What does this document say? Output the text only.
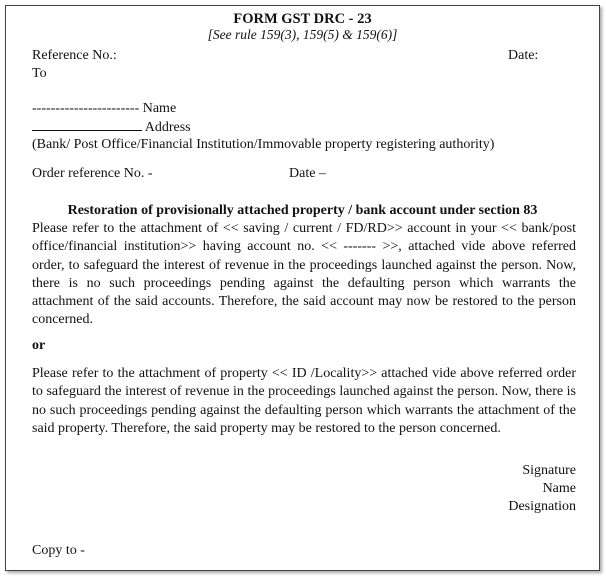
FORM GST DRC - 23
[See rule 159(3), 159(5) & 159(6)]
Reference No.:	Date:
To
----------------------- Name
Address
(Bank/ Post Office/Financial Institution/Immovable property registering authority)
Order reference No. -	Date –
Restoration of provisionally attached property / bank account under section 83
Please refer to the attachment of << saving / current / FD/RD>> account in your << bank/post office/financial institution>> having account no. << ------- >>, attached vide above referred order, to safeguard the interest of revenue in the proceedings launched against the person. Now, there is no such proceedings pending against the defaulting person which warrants the attachment of the said accounts. Therefore, the said account may now be restored to the person concerned.
or
Please refer to the attachment of property << ID /Locality>> attached vide above referred order to safeguard the interest of revenue in the proceedings launched against the person. Now, there is no such proceedings pending against the defaulting person which warrants the attachment of the said property. Therefore, the said property may be restored to the person concerned.
Signature
Name
Designation
Copy to -
